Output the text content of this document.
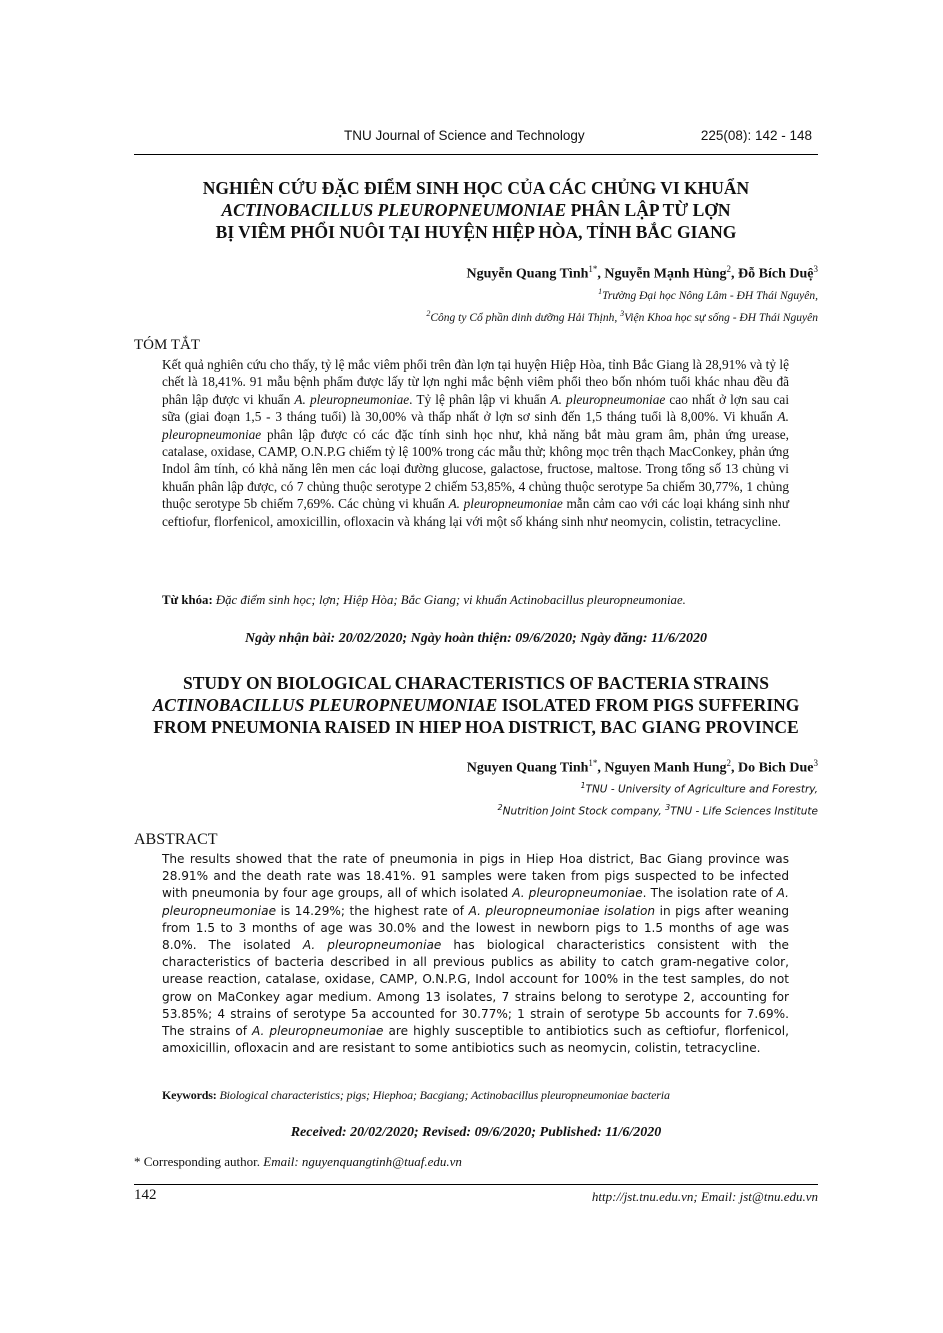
TNU Journal of Science and Technology	225(08): 142 - 148
NGHIÊN CỨU ĐẶC ĐIỂM SINH HỌC CỦA CÁC CHỦNG VI KHUẨN
ACTINOBACILLUS PLEUROPNEUMONIAE PHÂN LẬP TỪ LỢN
BỊ VIÊM PHỔI NUÔI TẠI HUYỆN HIỆP HÒA, TỈNH BẮC GIANG
Nguyễn Quang Tình$^{1*}$, Nguyễn Mạnh Hùng$^2$, Đỗ Bích Duệ$^3$
$^1$Trường Đại học Nông Lâm - ĐH Thái Nguyên,
$^2$Công ty Cổ phần dinh dưỡng Hải Thịnh, $^3$Viện Khoa học sự sống - ĐH Thái Nguyên
TÓM TẮT

Kết quả nghiên cứu cho thấy, tỷ lệ mắc viêm phổi trên đàn lợn tại huyện Hiệp Hòa, tỉnh Bắc Giang là 28,91% và tỷ lệ chết là 18,41%. 91 mẫu bệnh phẩm được lấy từ lợn nghi mắc bệnh viêm phổi theo bốn nhóm tuổi khác nhau đều đã phân lập được vi khuẩn A. pleuropneumoniae. Tỷ lệ phân lập vi khuẩn A. pleuropneumoniae cao nhất ở lợn sau cai sữa (giai đoạn 1,5 - 3 tháng tuổi) là 30,00% và thấp nhất ở lợn sơ sinh đến 1,5 tháng tuổi là 8,00%. Vi khuẩn A. pleuropneumoniae phân lập được có các đặc tính sinh học như, khả năng bắt màu gram âm, phản ứng urease, catalase, oxidase, CAMP, O.N.P.G chiếm tỷ lệ 100% trong các mẫu thử; không mọc trên thạch MacConkey, phản ứng Indol âm tính, có khả năng lên men các loại đường glucose, galactose, fructose, maltose. Trong tổng số 13 chủng vi khuẩn phân lập được, có 7 chủng thuộc serotype 2 chiếm 53,85%, 4 chủng thuộc serotype 5a chiếm 30,77%, 1 chủng thuộc serotype 5b chiếm 7,69%. Các chủng vi khuẩn A. pleuropneumoniae mẫn cảm cao với các loại kháng sinh như ceftiofur, florfenicol, amoxicillin, ofloxacin và kháng lại với một số kháng sinh như neomycin, colistin, tetracycline.

Từ khóa: Đặc điểm sinh học; lợn; Hiệp Hòa; Bắc Giang; vi khuẩn Actinobacillus pleuropneumoniae.
Ngày nhận bài: 20/02/2020; Ngày hoàn thiện: 09/6/2020; Ngày đăng: 11/6/2020
STUDY ON BIOLOGICAL CHARACTERISTICS OF BACTERIA STRAINS
ACTINOBACILLUS PLEUROPNEUMONIAE ISOLATED FROM PIGS SUFFERING
FROM PNEUMONIA RAISED IN HIEP HOA DISTRICT, BAC GIANG PROVINCE
Nguyen Quang Tinh$^{1*}$, Nguyen Manh Hung$^2$, Do Bich Due$^3$
$^1$TNU - University of Agriculture and Forestry,
$^2$Nutrition Joint Stock company, $^3$TNU - Life Sciences Institute
ABSTRACT

The results showed that the rate of pneumonia in pigs in Hiep Hoa district, Bac Giang province was 28.91% and the death rate was 18.41%. 91 samples were taken from pigs suspected to be infected with pneumonia by four age groups, all of which isolated A. pleuropneumoniae. The isolation rate of A. pleuropneumoniae is 14.29%; the highest rate of A. pleuropneumoniae isolation in pigs after weaning from 1.5 to 3 months of age was 30.0% and the lowest in newborn pigs to 1.5 months of age was 8.0%. The isolated A. pleuropneumoniae has biological characteristics consistent with the characteristics of bacteria described in all previous publics as ability to catch gram-negative color, urease reaction, catalase, oxidase, CAMP, O.N.P.G, Indol account for 100% in the test samples, do not grow on MaConkey agar medium. Among 13 isolates, 7 strains belong to serotype 2, accounting for 53.85%; 4 strains of serotype 5a accounted for 30.77%; 1 strain of serotype 5b accounts for 7.69%. The strains of A. pleuropneumoniae are highly susceptible to antibiotics such as ceftiofur, florfenicol, amoxicillin, ofloxacin and are resistant to some antibiotics such as neomycin, colistin, tetracycline.

Keywords: Biological characteristics; pigs; Hiephoa; Bacgiang; Actinobacillus pleuropneumoniae bacteria
Received: 20/02/2020; Revised: 09/6/2020; Published: 11/6/2020
* Corresponding author. Email: nguyenquangtinh@tuaf.edu.vn
142	http://jst.tnu.edu.vn; Email: jst@tnu.edu.vn
